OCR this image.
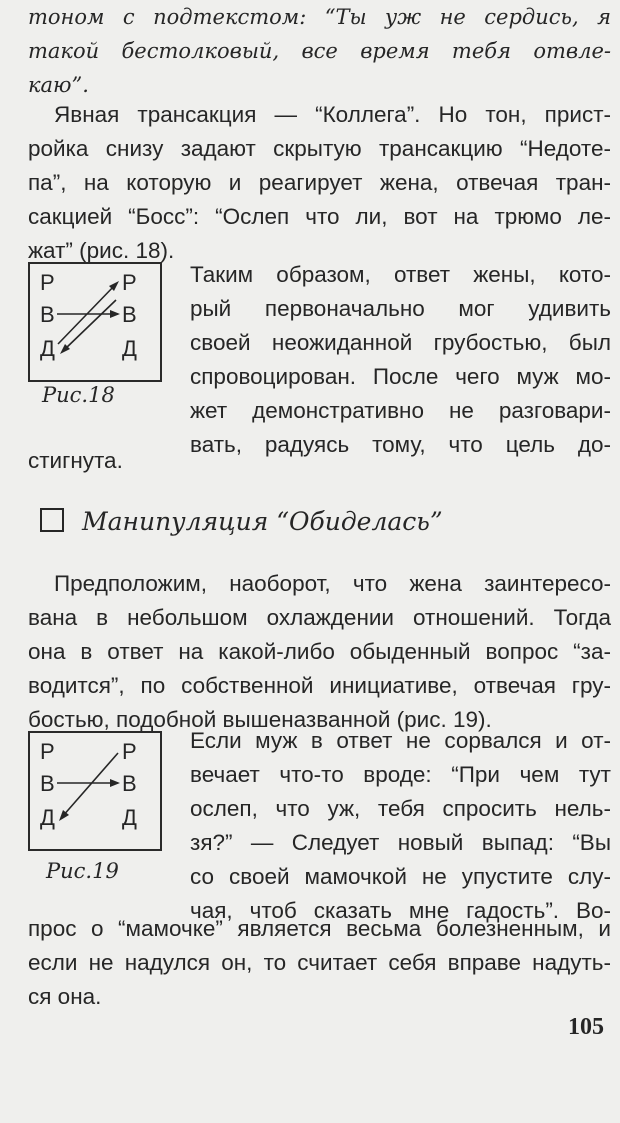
тоном с подтекстом: “Ты уж не сердись, я
такой бестолковый, все время тебя отвле-
каю”.
Явная трансакция — “Коллега”. Но тон, прист-
ройка снизу задают скрытую трансакцию “Недоте-
па”, на которую и реагирует жена, отвечая тран-
сакцией “Босс”: “Ослеп что ли, вот на трюмо ле-
жат” (рис. 18).
Р
В
Д
Р
В
Д
Рис.18
Таким образом, ответ жены, кото-
рый первоначально мог удивить
своей неожиданной грубостью, был
спровоцирован. После чего муж мо-
жет демонстративно не разговари-
вать, радуясь тому, что цель до-
стигнута.
Манипуляция “Обиделась”
Предположим, наоборот, что жена заинтересо-
вана в небольшом охлаждении отношений. Тогда
она в ответ на какой-либо обыденный вопрос “за-
водится”, по собственной инициативе, отвечая гру-
бостью, подобной вышеназванной (рис. 19).
Р
В
Д
Р
В
Д
Рис.19
Если муж в ответ не сорвался и от-
вечает что-то вроде: “При чем тут
ослеп, что уж, тебя спросить нель-
зя?” — Следует новый выпад: “Вы
со своей мамочкой не упустите слу-
чая, чтоб сказать мне гадость”. Во-
прос о “мамочке” является весьма болезненным, и
если не надулся он, то считает себя вправе надуть-
ся она.
105
